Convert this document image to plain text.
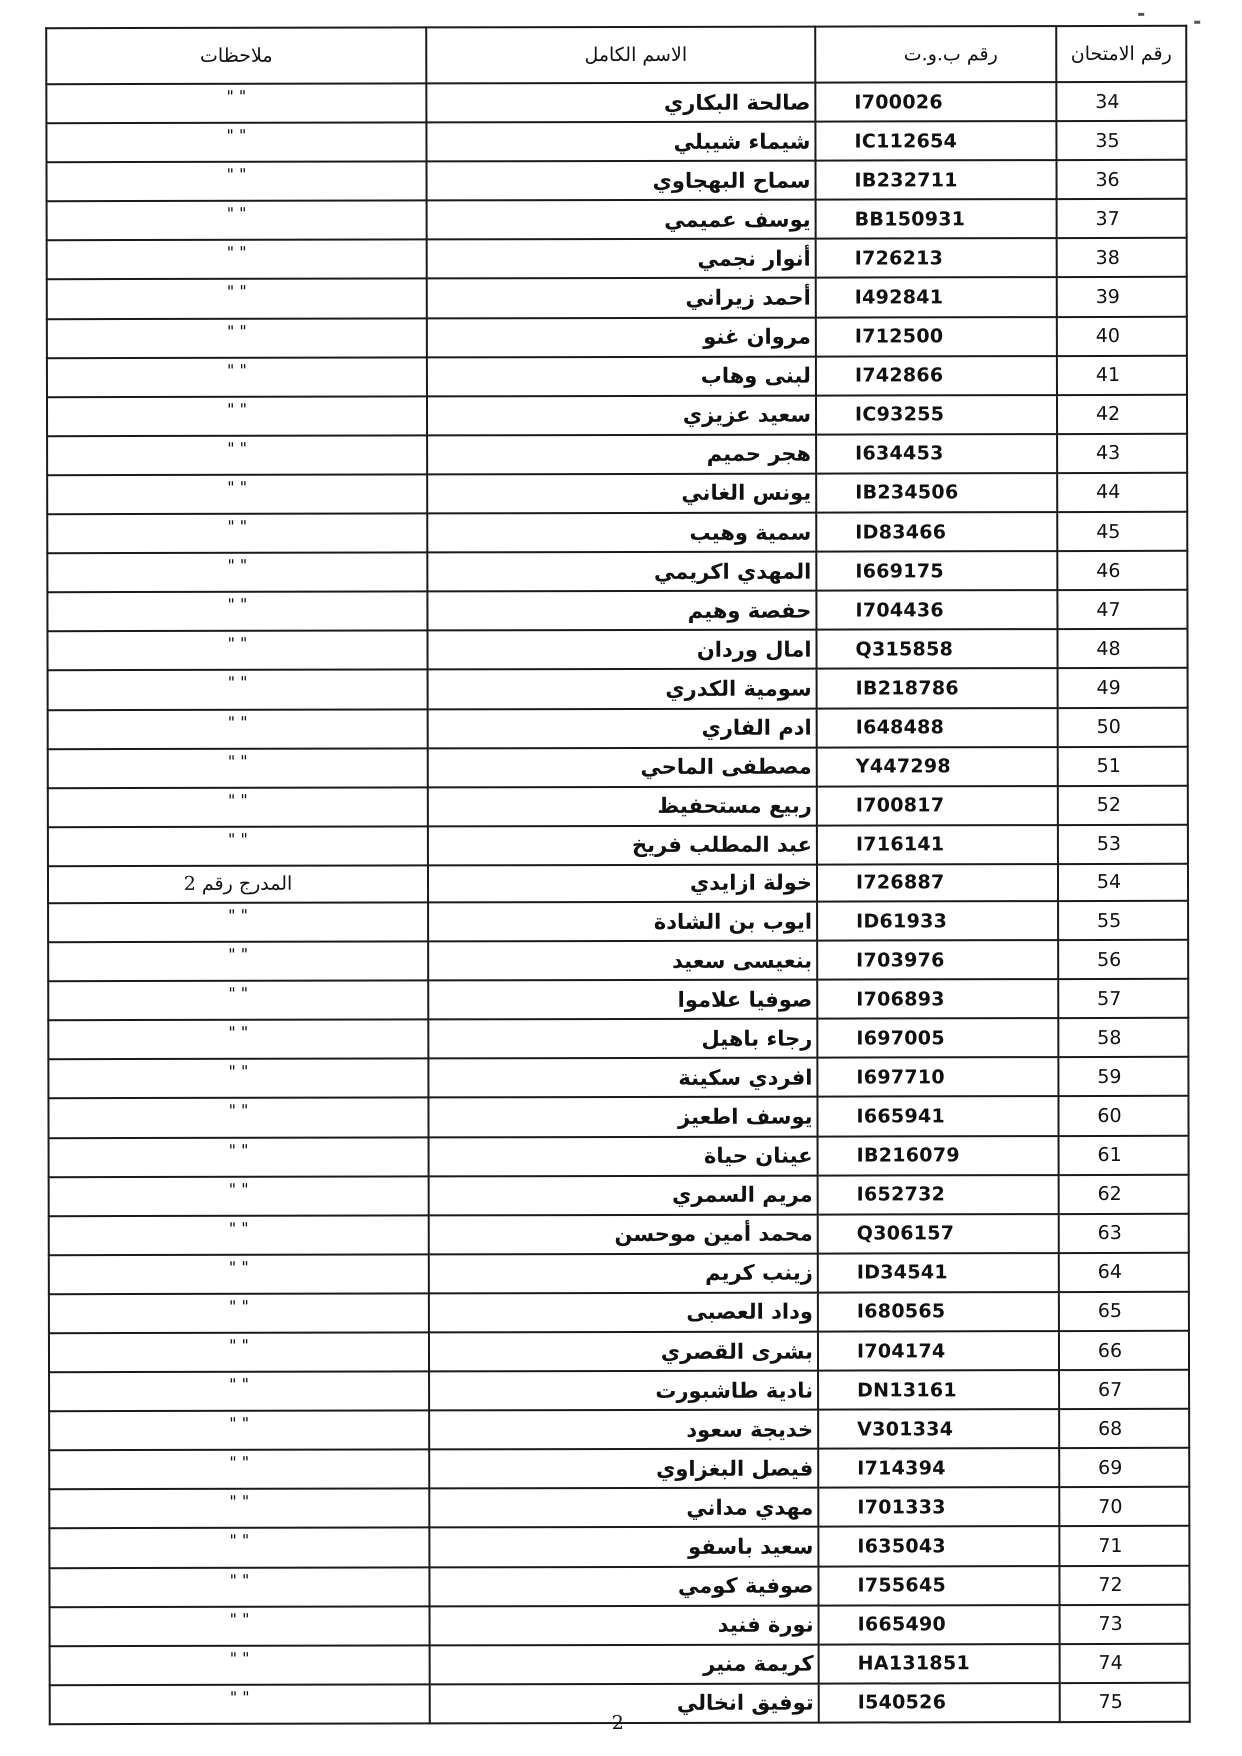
ملاحظات	الاسم الكامل	رقم ب.و.ت	رقم الامتحان
" "	صالحة البكاري	I700026	34
" "	شيماء شيبلي	IC112654	35
" "	سماح البهجاوي	IB232711	36
" "	يوسف عميمي	BB150931	37
" "	أنوار نجمي	I726213	38
" "	أحمد زيراني	I492841	39
" "	مروان غنو	I712500	40
" "	لبنى وهاب	I742866	41
" "	سعيد عزيزي	IC93255	42
" "	هجر حميم	I634453	43
" "	يونس الغاني	IB234506	44
" "	سمية وهيب	ID83466	45
" "	المهدي اكريمي	I669175	46
" "	حفصة وهيم	I704436	47
" "	امال وردان	Q315858	48
" "	سومية الكدري	IB218786	49
" "	ادم الفاري	I648488	50
" "	مصطفى الماحي	Y447298	51
" "	ربيع مستحفيظ	I700817	52
" "	عبد المطلب فريخ	I716141	53
المدرج رقم 2	خولة ازايدي	I726887	54
" "	ايوب بن الشادة	ID61933	55
" "	بنعيسى سعيد	I703976	56
" "	صوفيا علاموا	I706893	57
" "	رجاء باهيل	I697005	58
" "	افردي سكينة	I697710	59
" "	يوسف اطعيز	I665941	60
" "	عينان حياة	IB216079	61
" "	مريم السمري	I652732	62
" "	محمد أمين موحسن	Q306157	63
" "	زينب كريم	ID34541	64
" "	وداد العصبى	I680565	65
" "	بشرى القصري	I704174	66
" "	نادية طاشبورت	DN13161	67
" "	خديجة سعود	V301334	68
" "	فيصل البغزاوي	I714394	69
" "	مهدي مداني	I701333	70
" "	سعيد باسفو	I635043	71
" "	صوفية كومي	I755645	72
" "	نورة فنيد	I665490	73
" "	كريمة منير	HA131851	74
" "	توفيق انخالي	I540526	75
2
